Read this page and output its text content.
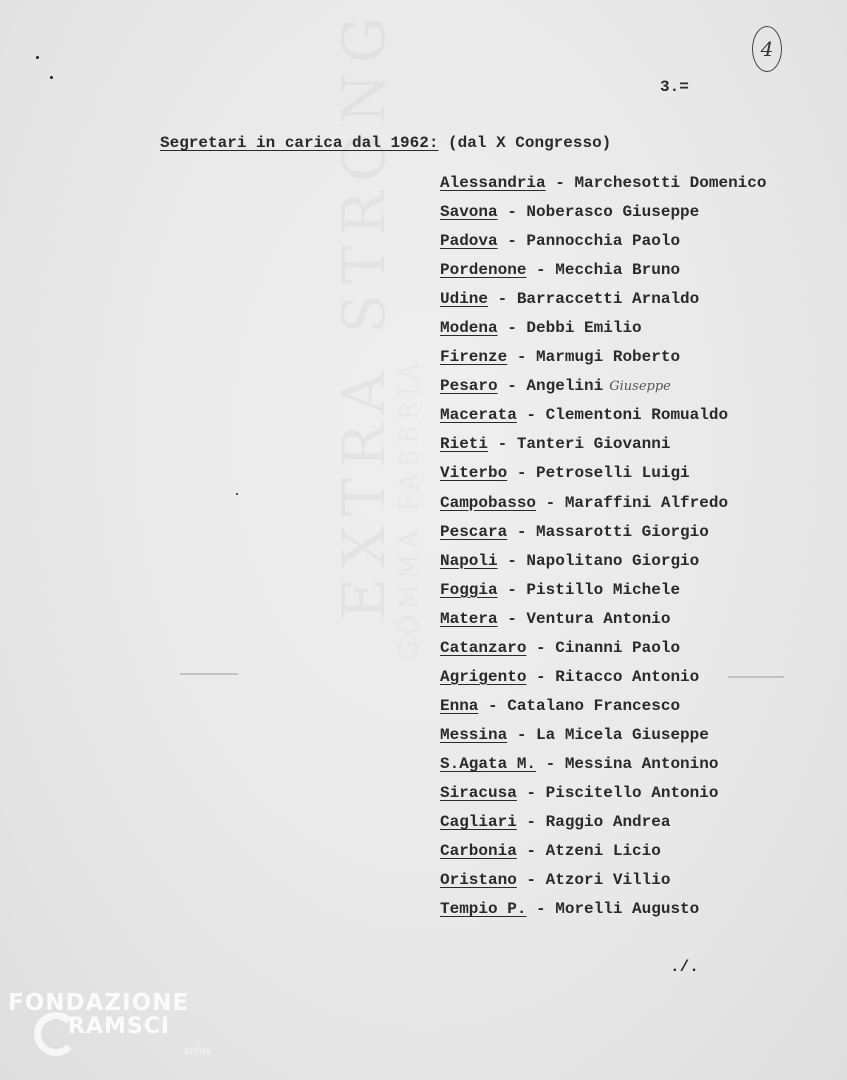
EXTRA STRONG
GOMMA FABBRIA
4
3.=
Segretari in carica dal 1962: (dal X Congresso)
Alessandria - Marchesotti Domenico
Savona - Noberasco Giuseppe
Padova - Pannocchia Paolo
Pordenone - Mecchia Bruno
Udine - Barraccetti Arnaldo
Modena - Debbi Emilio
Firenze - Marmugi Roberto
Pesaro - Angelini Giuseppe
Macerata - Clementoni Romualdo
Rieti - Tanteri Giovanni
Viterbo - Petroselli Luigi
Campobasso - Maraffini Alfredo
Pescara - Massarotti Giorgio
Napoli - Napolitano Giorgio
Foggia - Pistillo Michele
Matera - Ventura Antonio
Catanzaro - Cinanni Paolo
Agrigento - Ritacco Antonio
Enna - Catalano Francesco
Messina - La Micela Giuseppe
S.Agata M. - Messina Antonino
Siracusa - Piscitello Antonio
Cagliari - Raggio Andrea
Carbonia - Atzeni Licio
Oristano - Atzori Villio
Tempio P. - Morelli Augusto
./.
FONDAZIONE
RAMSCI
onlus
